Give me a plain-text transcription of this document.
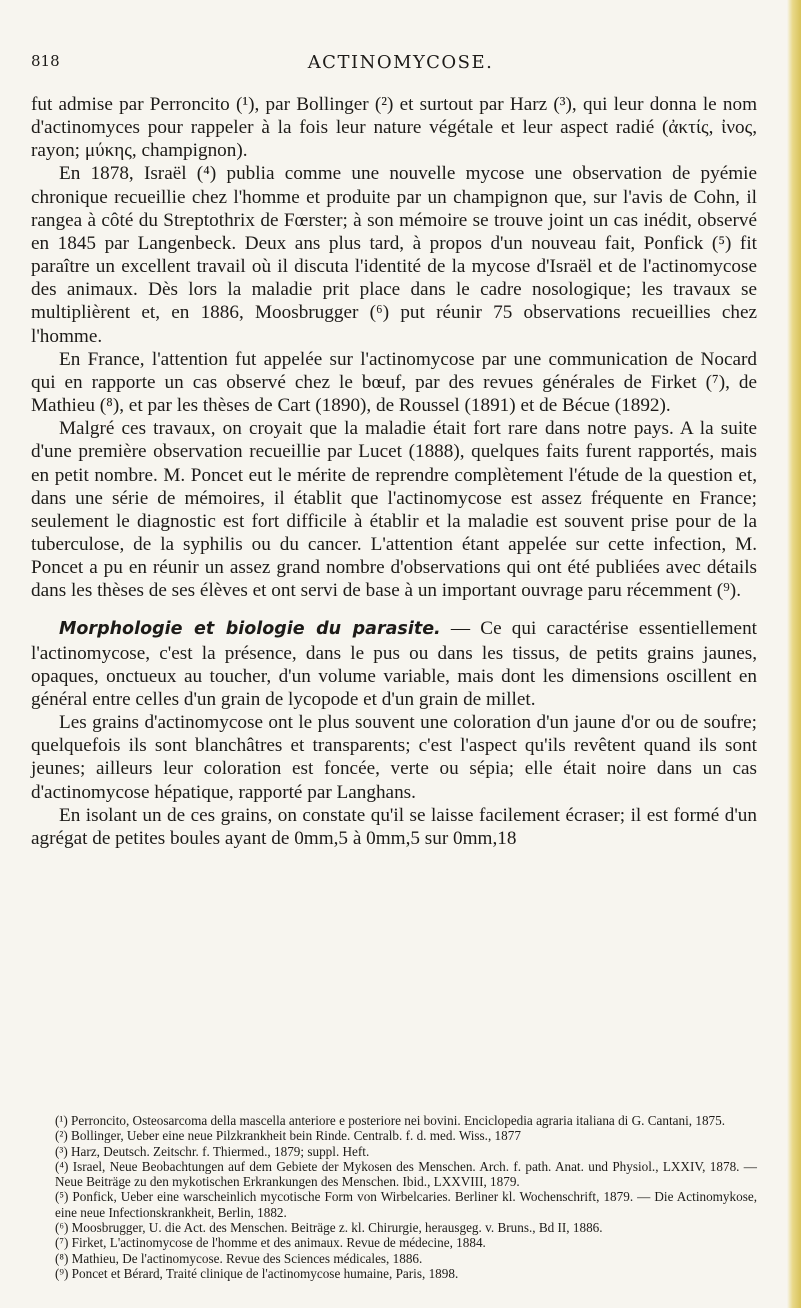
818	ACTINOMYCOSE.

fut admise par Perroncito (¹), par Bollinger (²) et surtout par Harz (³), qui leur donna le nom d'actinomyces pour rappeler à la fois leur nature végétale et leur aspect radié (ἀκτίς, ἰνος, rayon; μύκης, champignon).

En 1878, Israël (⁴) publia comme une nouvelle mycose une observation de pyémie chronique recueillie chez l'homme et produite par un champignon que, sur l'avis de Cohn, il rangea à côté du Streptothrix de Fœrster; à son mémoire se trouve joint un cas inédit, observé en 1845 par Langenbeck. Deux ans plus tard, à propos d'un nouveau fait, Ponfick (⁵) fit paraître un excellent travail où il discuta l'identité de la mycose d'Israël et de l'actinomycose des animaux. Dès lors la maladie prit place dans le cadre nosologique; les travaux se multiplièrent et, en 1886, Moosbrugger (⁶) put réunir 75 observations recueillies chez l'homme.

En France, l'attention fut appelée sur l'actinomycose par une communication de Nocard qui en rapporte un cas observé chez le bœuf, par des revues générales de Firket (⁷), de Mathieu (⁸), et par les thèses de Cart (1890), de Roussel (1891) et de Bécue (1892).

Malgré ces travaux, on croyait que la maladie était fort rare dans notre pays. A la suite d'une première observation recueillie par Lucet (1888), quelques faits furent rapportés, mais en petit nombre. M. Poncet eut le mérite de reprendre complètement l'étude de la question et, dans une série de mémoires, il établit que l'actinomycose est assez fréquente en France; seulement le diagnostic est fort difficile à établir et la maladie est souvent prise pour de la tuberculose, de la syphilis ou du cancer. L'attention étant appelée sur cette infection, M. Poncet a pu en réunir un assez grand nombre d'observations qui ont été publiées avec détails dans les thèses de ses élèves et ont servi de base à un important ouvrage paru récemment (⁹).

Morphologie et biologie du parasite. — Ce qui caractérise essentiellement l'actinomycose, c'est la présence, dans le pus ou dans les tissus, de petits grains jaunes, opaques, onctueux au toucher, d'un volume variable, mais dont les dimensions oscillent en général entre celles d'un grain de lycopode et d'un grain de millet.

Les grains d'actinomycose ont le plus souvent une coloration d'un jaune d'or ou de soufre; quelquefois ils sont blanchâtres et transparents; c'est l'aspect qu'ils revêtent quand ils sont jeunes; ailleurs leur coloration est foncée, verte ou sépia; elle était noire dans un cas d'actinomycose hépatique, rapporté par Langhans.

En isolant un de ces grains, on constate qu'il se laisse facilement écraser; il est formé d'un agrégat de petites boules ayant de 0mm,5 à 0mm,5 sur 0mm,18

(¹) Perroncito, Osteosarcoma della mascella anteriore e posteriore nei bovini. Enciclopedia agraria italiana di G. Cantani, 1875.

(²) Bollinger, Ueber eine neue Pilzkrankheit bein Rinde. Centralb. f. d. med. Wiss., 1877

(³) Harz, Deutsch. Zeitschr. f. Thiermed., 1879; suppl. Heft.

(⁴) Israel, Neue Beobachtungen auf dem Gebiete der Mykosen des Menschen. Arch. f. path. Anat. und Physiol., LXXIV, 1878. — Neue Beiträge zu den mykotischen Erkrankungen des Menschen. Ibid., LXXVIII, 1879.

(⁵) Ponfick, Ueber eine warscheinlich mycotische Form von Wirbelcaries. Berliner kl. Wochenschrift, 1879. — Die Actinomykose, eine neue Infectionskrankheit, Berlin, 1882.

(⁶) Moosbrugger, U. die Act. des Menschen. Beiträge z. kl. Chirurgie, herausgeg. v. Bruns., Bd II, 1886.

(⁷) Firket, L'actinomycose de l'homme et des animaux. Revue de médecine, 1884.

(⁸) Mathieu, De l'actinomycose. Revue des Sciences médicales, 1886.

(⁹) Poncet et Bérard, Traité clinique de l'actinomycose humaine, Paris, 1898.
